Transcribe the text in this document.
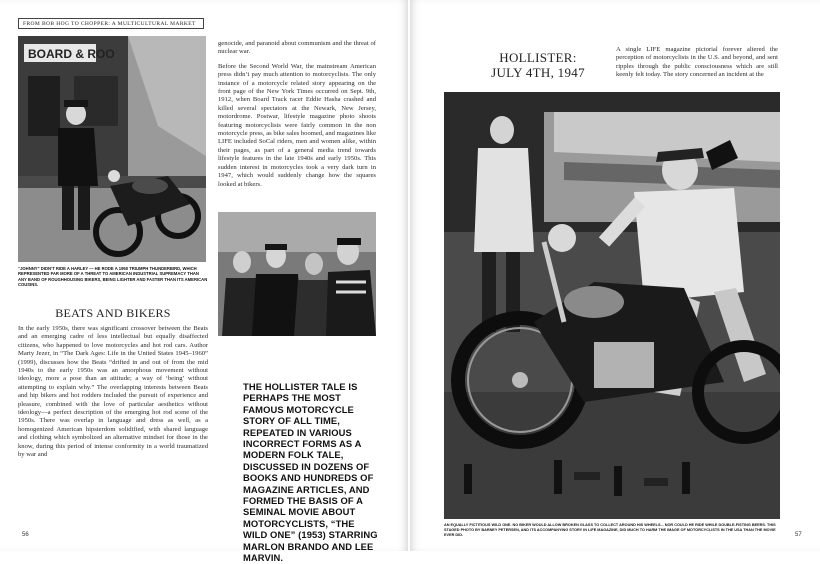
FROM BOB HOG TO CHOPPER: A MULTICULTURAL MARKET
BOARD & ROO
“JOHNNY” DIDN’T RIDE A HARLEY — HE RODE A 1950 TRIUMPH THUNDERBIRD, WHICH REPRESENTED FAR MORE OF A THREAT TO AMERICAN INDUSTRIAL SUPREMACY THAN ANY BAND OF ROUGHHOUSING BIKERS, BEING LIGHTER AND FASTER THAN ITS AMERICAN COUSINS.

genocide, and paranoid about communism and the threat of nuclear war.

Before the Second World War, the mainstream American press didn’t pay much attention to motorcyclists. The only instance of a motorcycle related story appearing on the front page of the New York Times occurred on Sept. 9th, 1912, when Board Track racer Eddie Hasha crashed and killed several spectators at the Newark, New Jersey, motordrome. Postwar, lifestyle magazine photo shoots featuring motorcyclists were fairly common in the non motorcycle press, as bike sales boomed, and magazines like LIFE included SoCal riders, men and women alike, within their pages, as part of a general media trend towards lifestyle features in the late 1940s and early 1950s. This sudden interest in motorcycles took a very dark turn in 1947, which would suddenly change how the squares looked at bikers.

BEATS AND BIKERS
In the early 1950s, there was significant crossover between the Beats and an emerging cadre of less intellectual but equally disaffected citizens, who happened to love motorcycles and hot rod cars. Author Marty Jezer, in “The Dark Ages: Life in the United States 1945–1960” (1999), discusses how the Beats “drifted in and out of from the mid 1940s to the early 1950s was an amorphous movement without ideology, more a pose than an attitude; a way of ‘being’ without attempting to explain why.” The overlapping interests between Beats and hip bikers and hot rodders included the pursuit of experience and pleasure, combined with the love of particular aesthetics without ideology—a perfect description of the emerging hot rod scene of the 1950s. There was overlap in language and dress as well, as a homogenized American hipsterdom solidified, with shared language and clothing which symbolized an alternative mindset for those in the know, during this period of intense conformity in a world traumatized by war and
THE HOLLISTER TALE IS PERHAPS THE MOST FAMOUS MOTORCYCLE STORY OF ALL TIME, REPEATED IN VARIOUS INCORRECT FORMS AS A MODERN FOLK TALE, DISCUSSED IN DOZENS OF BOOKS AND HUNDREDS OF MAGAZINE ARTICLES, AND FORMED THE BASIS OF A SEMINAL MOVIE ABOUT MOTORCYCLISTS, “THE WILD ONE” (1953) STARRING MARLON BRANDO AND LEE MARVIN.
56
HOLLISTER:
JULY 4TH, 1947
A single LIFE magazine pictorial forever altered the perception of motorcyclists in the U.S. and beyond, and sent ripples through the public consciousness which are still keenly felt today. The story concerned an incident at the
AN EQUALLY FICTITIOUS WILD ONE. NO BIKER WOULD ALLOW BROKEN GLASS TO COLLECT AROUND HIS WHEELS... NOR COULD HE RIDE WHILE DOUBLE-FISTING BEERS. THIS STAGED PHOTO BY BARNEY PETERSEN, AND ITS ACCOMPANYING STORY IN LIFE MAGAZINE, DID MUCH TO HARM THE IMAGE OF MOTORCYCLISTS IN THE USA THAN THE MOVIE EVER DID.	57
